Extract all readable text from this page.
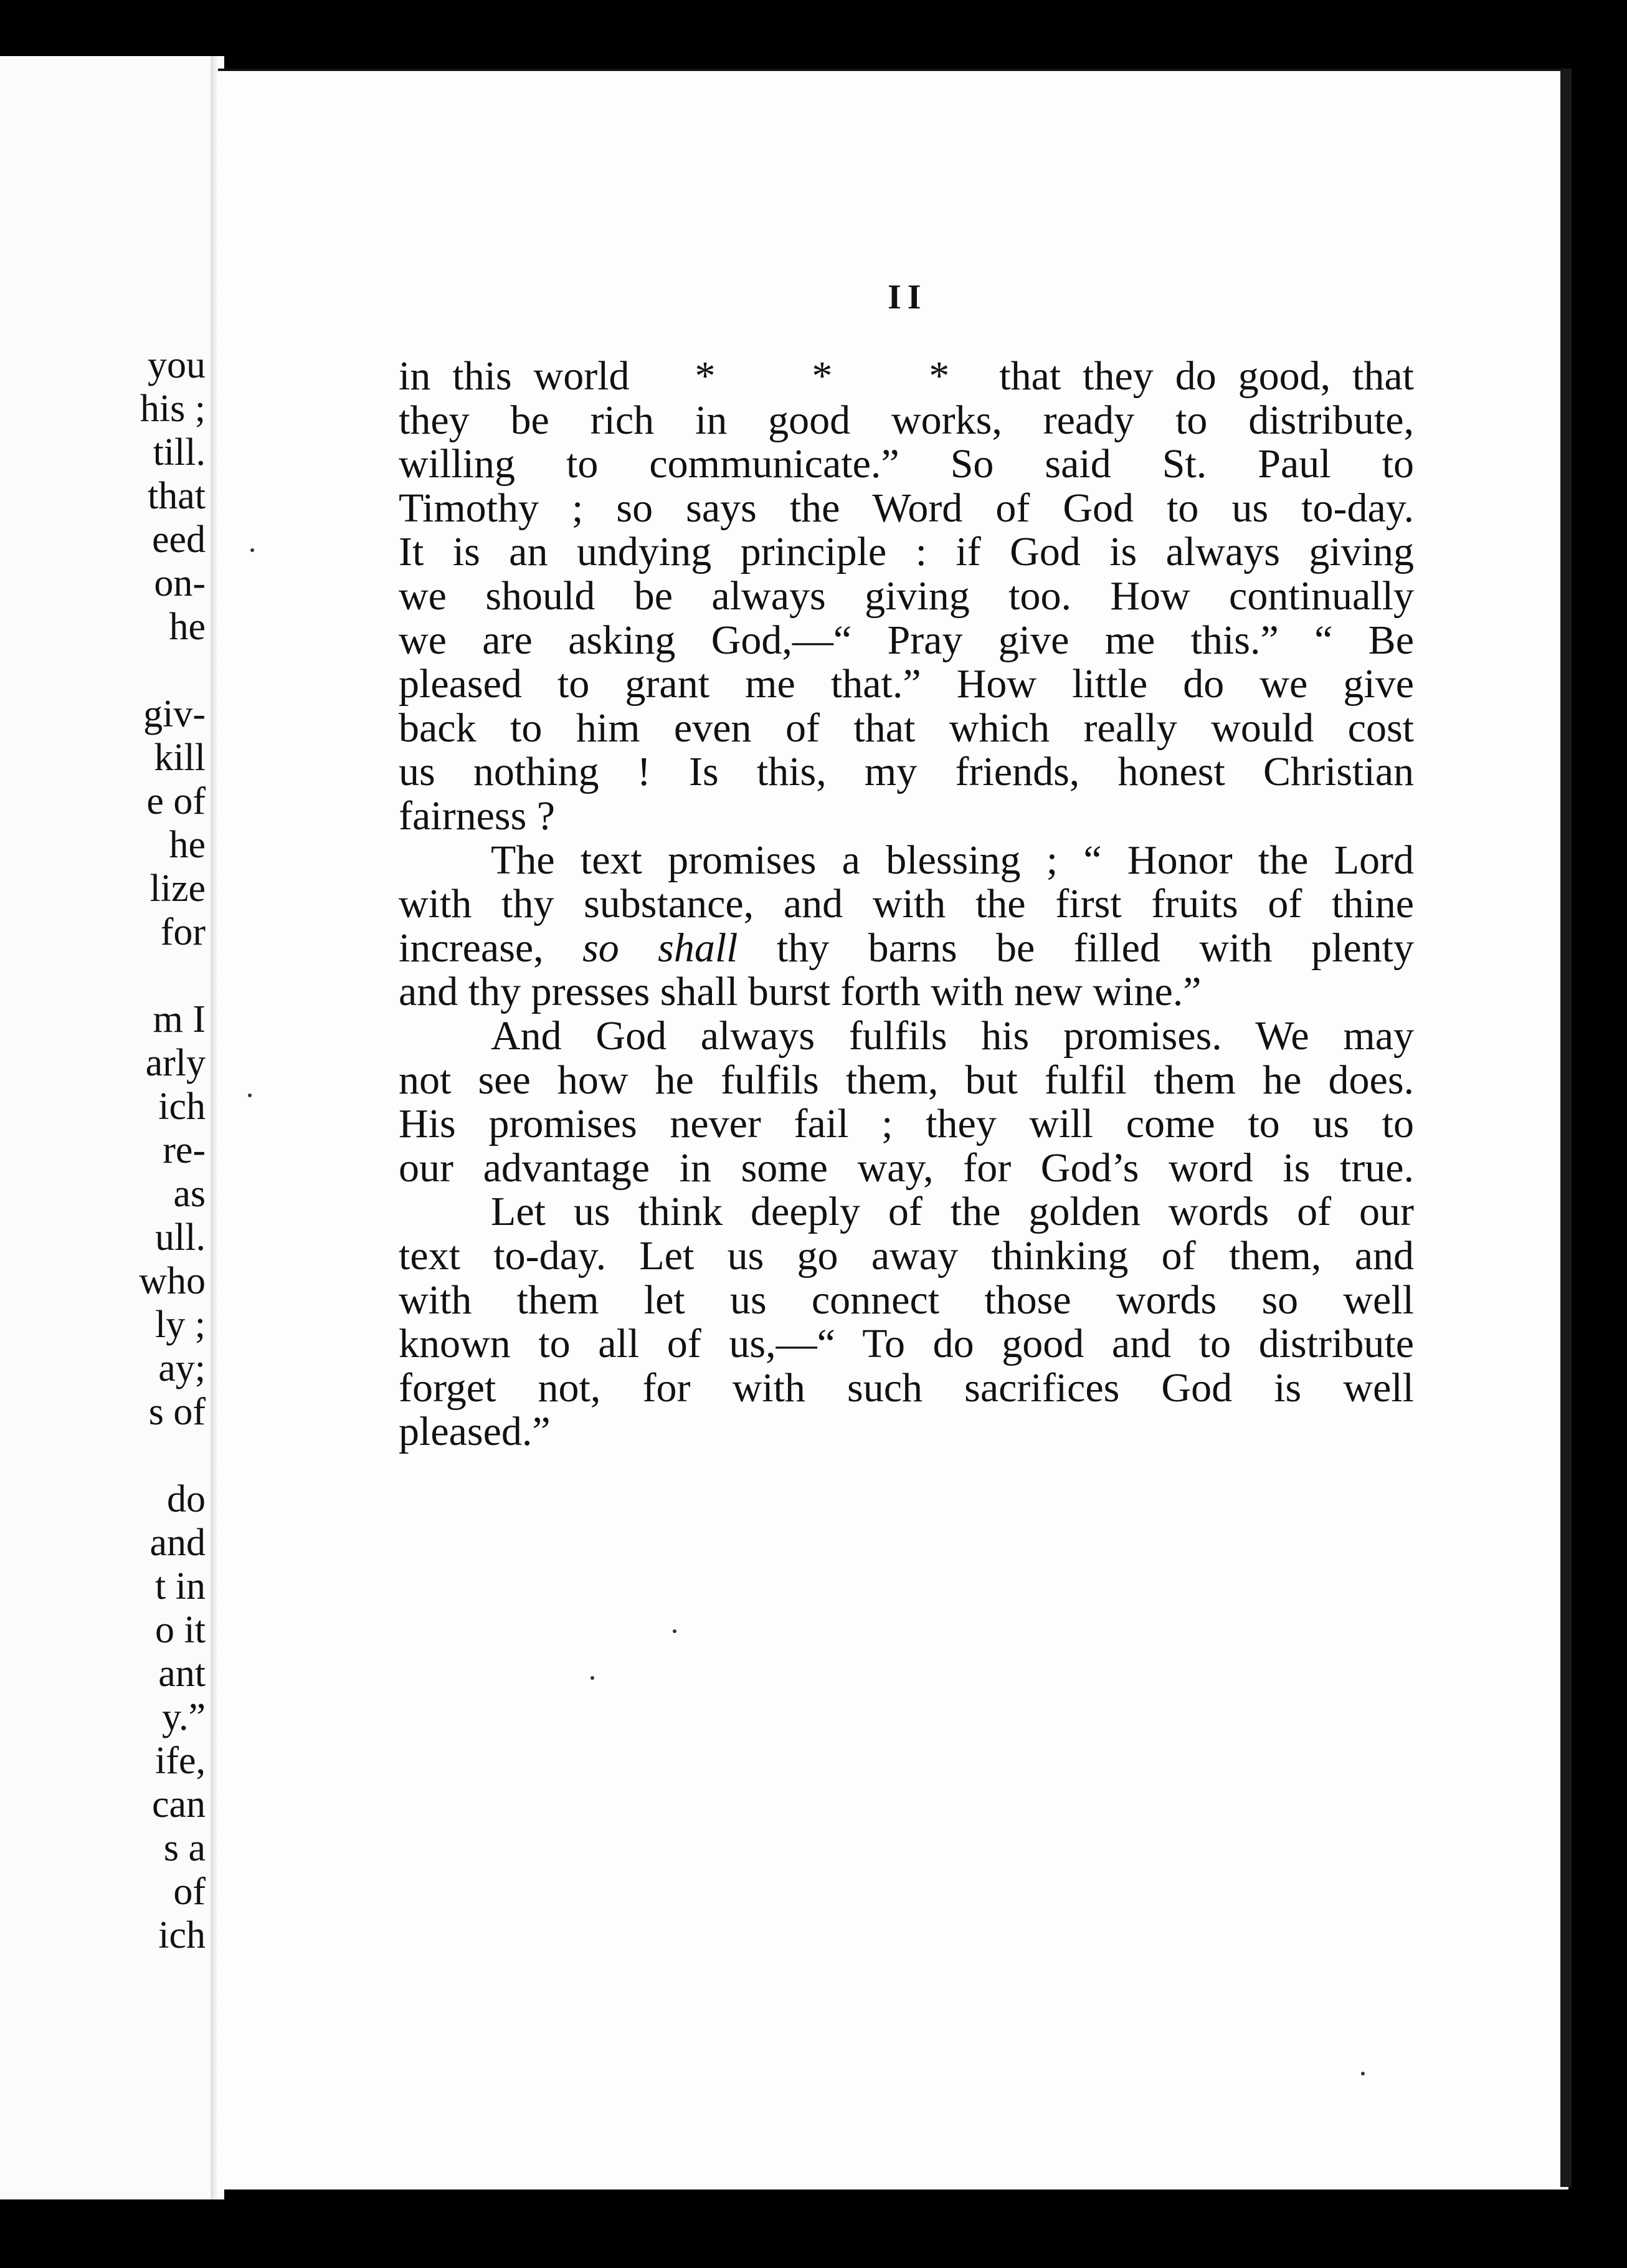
you
his ;
till.
that
eed
on-
he
giv-
kill
e of
he
lize
for
m I
arly
ich
re-
as
ull.
who
ly ;
ay;
s of
do
and
t in
o it
ant
y.”
ife,
can
s a
of
ich
II
in this world * * * that they do good, that
they be rich in good works, ready to distribute,
willing to communicate.” So said St. Paul to
Timothy ; so says the Word of God to us to-day.
It is an undying principle : if God is always giving
we should be always giving too. How continually
we are asking God,—“ Pray give me this.” “ Be
pleased to grant me that.” How little do we give
back to him even of that which really would cost
us nothing ! Is this, my friends, honest Christian
fairness ?
The text promises a blessing ; “ Honor the Lord
with thy substance, and with the first fruits of thine
increase, so shall thy barns be filled with plenty
and thy presses shall burst forth with new wine.”
And God always fulfils his promises. We may
not see how he fulfils them, but fulfil them he does.
His promises never fail ; they will come to us to
our advantage in some way, for God’s word is true.
Let us think deeply of the golden words of our
text to-day. Let us go away thinking of them, and
with them let us connect those words so well
known to all of us,—“ To do good and to distribute
forget not, for with such sacrifices God is well
pleased.”
